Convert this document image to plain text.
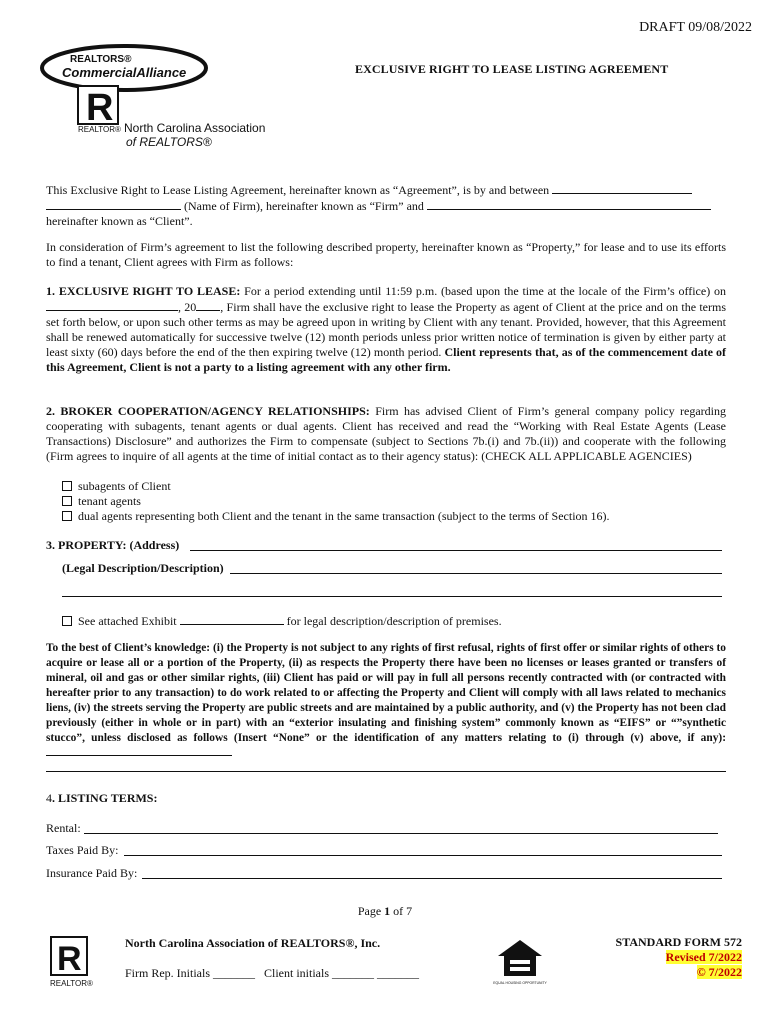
DRAFT 09/08/2022
REALTORS®
CommercialAlliance
R
REALTOR® North Carolina Association
of REALTORS®
EXCLUSIVE RIGHT TO LEASE LISTING AGREEMENT
This Exclusive Right to Lease Listing Agreement, hereinafter known as “Agreement”, is by and between
(Name of Firm), hereinafter known as “Firm” and
hereinafter known as “Client”.
In consideration of Firm’s agreement to list the following described property, hereinafter known as “Property,” for lease and to use its efforts to find a tenant, Client agrees with Firm as follows:
1. EXCLUSIVE RIGHT TO LEASE: For a period extending until 11:59 p.m. (based upon the time at the locale of the Firm’s office) on , 20 , Firm shall have the exclusive right to lease the Property as agent of Client at the price and on the terms set forth below, or upon such other terms as may be agreed upon in writing by Client with any tenant. Provided, however, that this Agreement shall be renewed automatically for successive twelve (12) month periods unless prior written notice of termination is given by either party at least sixty (60) days before the end of the then expiring twelve (12) month period. Client represents that, as of the commencement date of this Agreement, Client is not a party to a listing agreement with any other firm.
2. BROKER COOPERATION/AGENCY RELATIONSHIPS: Firm has advised Client of Firm’s general company policy regarding cooperating with subagents, tenant agents or dual agents. Client has received and read the “Working with Real Estate Agents (Lease Transactions) Disclosure” and authorizes the Firm to compensate (subject to Sections 7b.(i) and 7b.(ii)) and cooperate with the following (Firm agrees to inquire of all agents at the time of initial contact as to their agency status): (CHECK ALL APPLICABLE AGENCIES)
subagents of Client
tenant agents
dual agents representing both Client and the tenant in the same transaction (subject to the terms of Section 16).
3. PROPERTY: (Address)
(Legal Description/Description)
See attached Exhibit	for legal description/description of premises.
To the best of Client’s knowledge: (i) the Property is not subject to any rights of first refusal, rights of first offer or similar rights of others to acquire or lease all or a portion of the Property, (ii) as respects the Property there have been no licenses or leases granted or transfers of mineral, oil and gas or other similar rights, (iii) Client has paid or will pay in full all persons recently contracted with (or contracted with hereafter prior to any transaction) to do work related to or affecting the Property and Client will comply with all laws related to mechanics liens, (iv) the streets serving the Property are public streets and are maintained by a public authority, and (v) the Property has not been clad previously (either in whole or in part) with an “exterior insulating and finishing system” commonly known as “EIFS” or “”synthetic stucco”, unless disclosed as follows (Insert “None” or the identification of any matters relating to (i) through (v) above, if any):
4. LISTING TERMS:
Rental:
Taxes Paid By:
Insurance Paid By:
Page 1 of 7
R
REALTOR®
North Carolina Association of REALTORS®, Inc.
Firm Rep. Initials _______ Client initials _______ _______
EQUAL HOUSING OPPORTUNITY
STANDARD FORM 572
Revised 7/2022
© 7/2022
